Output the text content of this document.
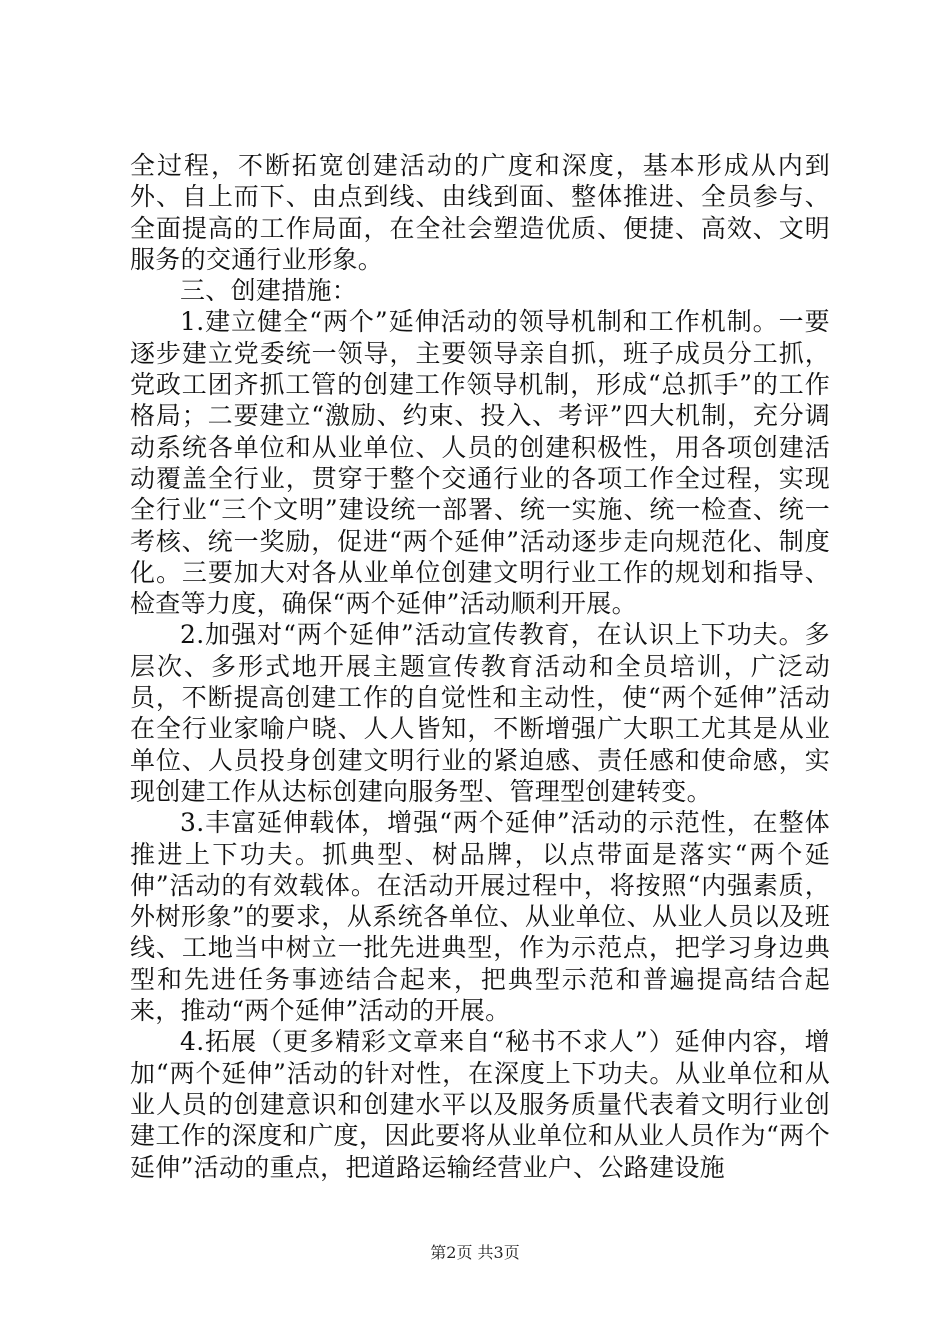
全过程，不断拓宽创建活动的广度和深度，基本形成从内到外、自上而下、由点到线、由线到面、整体推进、全员参与、全面提高的工作局面，在全社会塑造优质、便捷、高效、文明服务的交通行业形象。

三、创建措施：

1.建立健全“两个”延伸活动的领导机制和工作机制。一要逐步建立党委统一领导，主要领导亲自抓，班子成员分工抓，党政工团齐抓工管的创建工作领导机制，形成“总抓手”的工作格局；二要建立“激励、约束、投入、考评”四大机制，充分调动系统各单位和从业单位、人员的创建积极性，用各项创建活动覆盖全行业，贯穿于整个交通行业的各项工作全过程，实现全行业“三个文明”建设统一部署、统一实施、统一检查、统一考核、统一奖励，促进“两个延伸”活动逐步走向规范化、制度化。三要加大对各从业单位创建文明行业工作的规划和指导、检查等力度，确保“两个延伸”活动顺利开展。

2.加强对“两个延伸”活动宣传教育，在认识上下功夫。多层次、多形式地开展主题宣传教育活动和全员培训，广泛动员，不断提高创建工作的自觉性和主动性，使“两个延伸”活动在全行业家喻户晓、人人皆知，不断增强广大职工尤其是从业单位、人员投身创建文明行业的紧迫感、责任感和使命感，实现创建工作从达标创建向服务型、管理型创建转变。

3.丰富延伸载体，增强“两个延伸”活动的示范性，在整体推进上下功夫。抓典型、树品牌，以点带面是落实“两个延伸”活动的有效载体。在活动开展过程中，将按照“内强素质，外树形象”的要求，从系统各单位、从业单位、从业人员以及班线、工地当中树立一批先进典型，作为示范点，把学习身边典型和先进任务事迹结合起来，把典型示范和普遍提高结合起来，推动“两个延伸”活动的开展。

4.拓展（更多精彩文章来自“秘书不求人”）延伸内容，增加“两个延伸”活动的针对性，在深度上下功夫。从业单位和从业人员的创建意识和创建水平以及服务质量代表着文明行业创建工作的深度和广度，因此要将从业单位和从业人员作为“两个延伸”活动的重点，把道路运输经营业户、公路建设施

第2页 共3页
